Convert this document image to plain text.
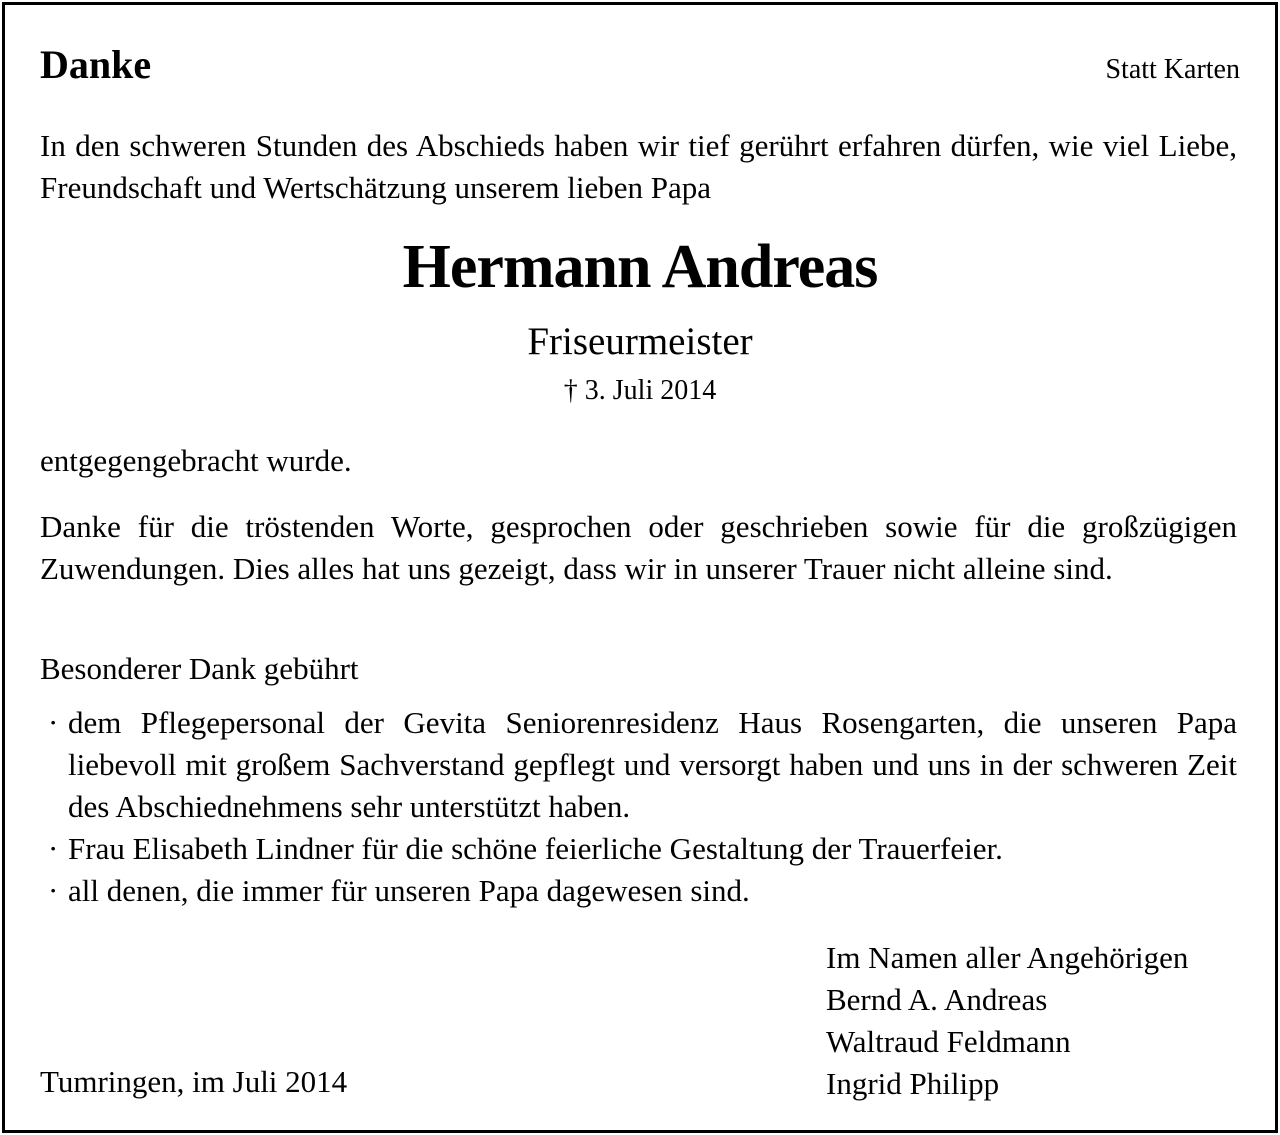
Danke	Statt Karten
In den schweren Stunden des Abschieds haben wir tief gerührt erfahren dürfen, wie viel Liebe, Freundschaft und Wertschätzung unserem lieben Papa
Hermann Andreas
Friseurmeister
† 3. Juli 2014
entgegengebracht wurde.
Danke für die tröstenden Worte, gesprochen oder geschrieben sowie für die großzügigen Zuwendungen. Dies alles hat uns gezeigt, dass wir in unserer Trauer nicht alleine sind.
Besonderer Dank gebührt
· dem Pflegepersonal der Gevita Seniorenresidenz Haus Rosengarten, die unseren Papa liebevoll mit großem Sachverstand gepflegt und versorgt haben und uns in der schweren Zeit des Abschiednehmens sehr unterstützt haben.
· Frau Elisabeth Lindner für die schöne feierliche Gestaltung der Trauerfeier.
· all denen, die immer für unseren Papa dagewesen sind.
Im Namen aller Angehörigen
Bernd A. Andreas
Waltraud Feldmann
Ingrid Philipp
Tumringen, im Juli 2014
